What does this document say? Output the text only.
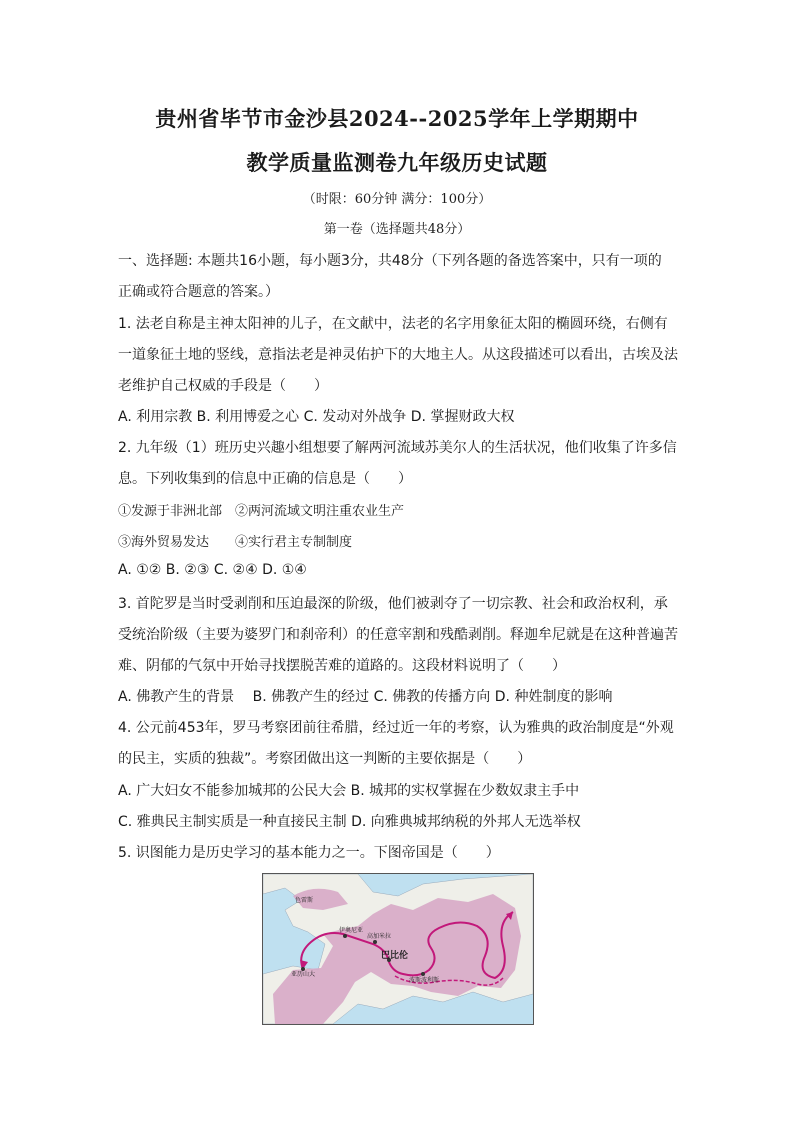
贵州省毕节市金沙县2024--2025学年上学期期中
教学质量监测卷九年级历史试题
（时限：60分钟 满分：100分）
第一卷（选择题共48分）
一、选择题: 本题共16小题，每小题3分，共48分（下列各题的备选答案中，只有一项的
正确或符合题意的答案。）
1. 法老自称是主神太阳神的儿子，在文献中，法老的名字用象征太阳的椭圆环绕，右侧有
一道象征土地的竖线，意指法老是神灵佑护下的大地主人。从这段描述可以看出，古埃及法
老维护自己权威的手段是（　　）
A. 利用宗教 B. 利用博爱之心 C. 发动对外战争 D. 掌握财政大权
2. 九年级（1）班历史兴趣小组想要了解两河流域苏美尔人的生活状况，他们收集了许多信
息。下列收集到的信息中正确的信息是（　　）
①发源于非洲北部　②两河流域文明注重农业生产
③海外贸易发达　　④实行君主专制制度
A. ①② B. ②③ C. ②④ D. ①④
3. 首陀罗是当时受剥削和压迫最深的阶级，他们被剥夺了一切宗教、社会和政治权利，承
受统治阶级（主要为婆罗门和刹帝利）的任意宰割和残酷剥削。释迦牟尼就是在这种普遍苦
难、阴郁的气氛中开始寻找摆脱苦难的道路的。这段材料说明了（　　）
A. 佛教产生的背景　 B. 佛教产生的经过 C. 佛教的传播方向 D. 种姓制度的影响
4. 公元前453年，罗马考察团前往希腊，经过近一年的考察，认为雅典的政治制度是“外观
的民主，实质的独裁”。考察团做出这一判断的主要依据是（　　）
A. 广大妇女不能参加城邦的公民大会 B. 城邦的实权掌握在少数奴隶主手中
C. 雅典民主制实质是一种直接民主制 D. 向雅典城邦纳税的外邦人无选举权
5. 识图能力是历史学习的基本能力之一。下图帝国是（　　）
色雷斯
伊奥尼亚
高加米拉
巴比伦
亚历山大
波斯波利斯
